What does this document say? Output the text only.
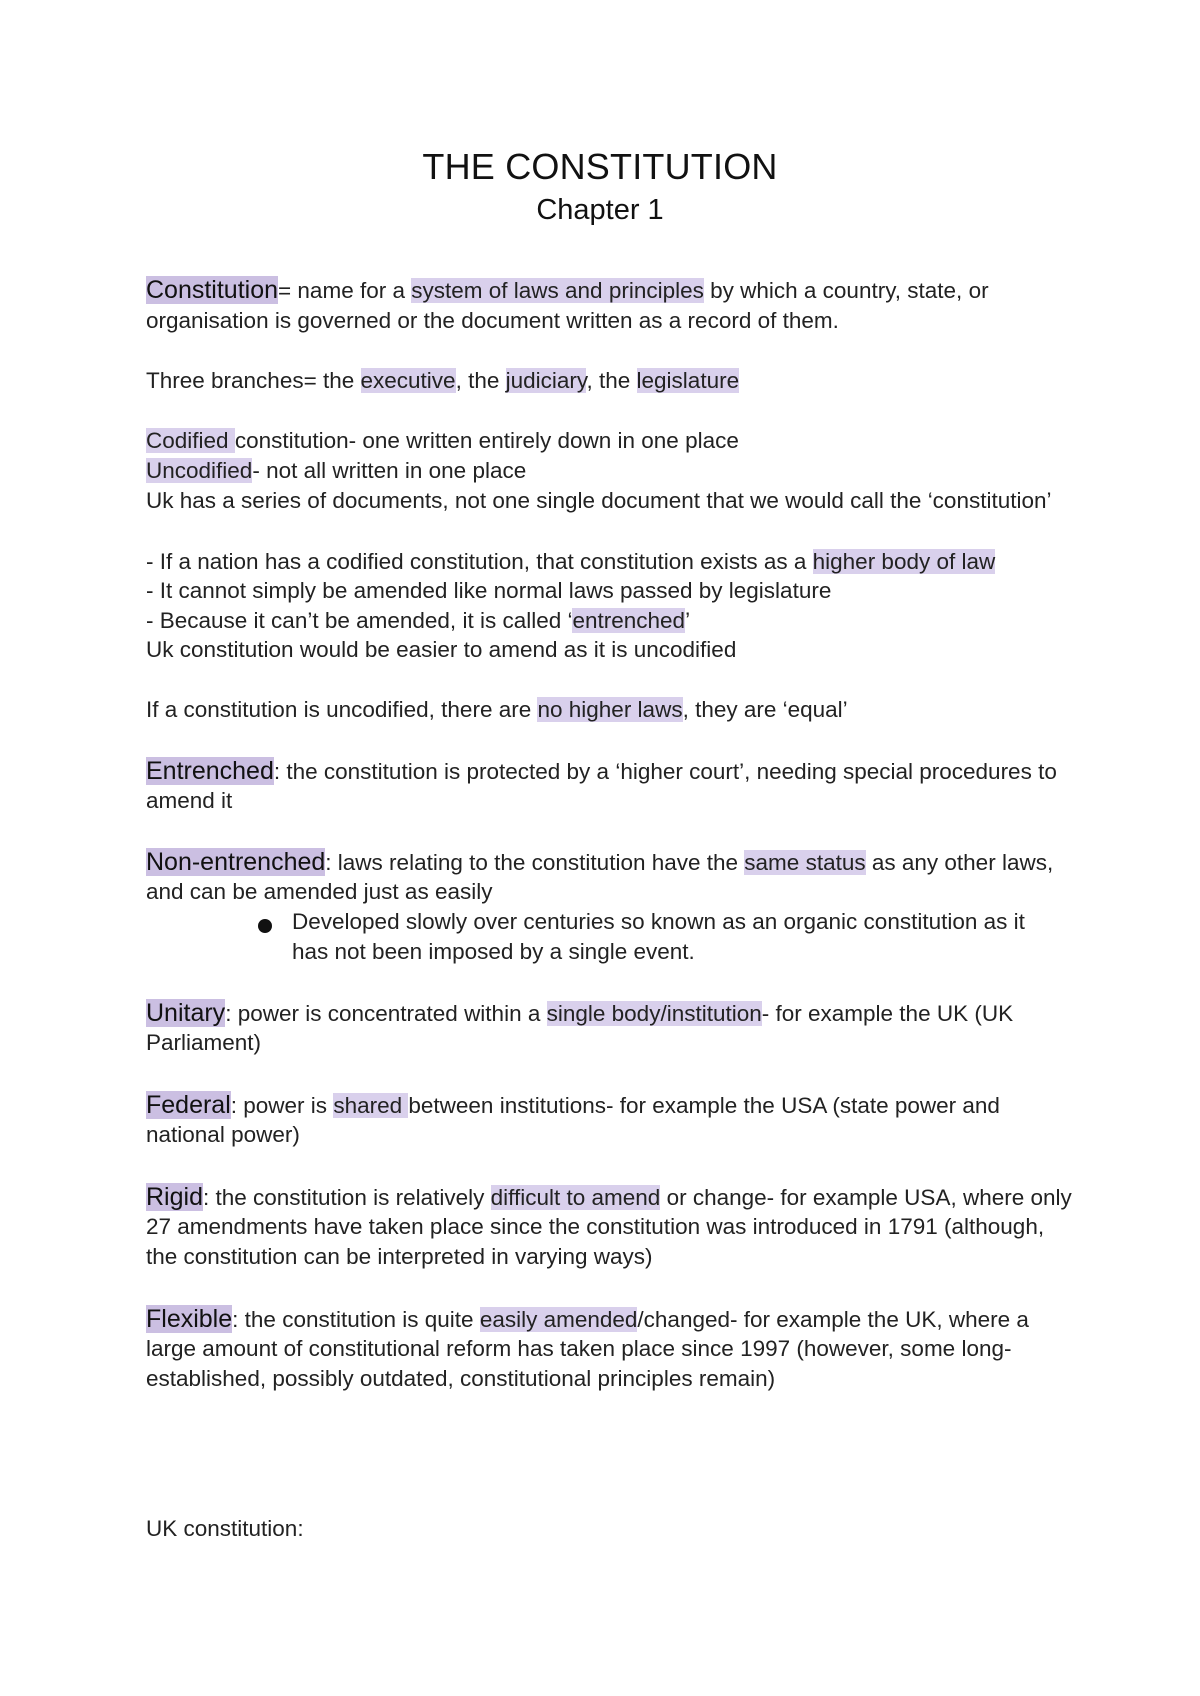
THE CONSTITUTION
Chapter 1
Constitution= name for a system of laws and principles by which a country, state, or
organisation is governed or the document written as a record of them.
Three branches= the executive, the judiciary, the legislature
Codified constitution- one written entirely down in one place
Uncodified- not all written in one place
Uk has a series of documents, not one single document that we would call the ‘constitution’
- If a nation has a codified constitution, that constitution exists as a higher body of law
- It cannot simply be amended like normal laws passed by legislature
- Because it can’t be amended, it is called ‘entrenched’
Uk constitution would be easier to amend as it is uncodified
If a constitution is uncodified, there are no higher laws, they are ‘equal’
Entrenched: the constitution is protected by a ‘higher court’, needing special procedures to
amend it
Non-entrenched: laws relating to the constitution have the same status as any other laws,
and can be amended just as easily
Developed slowly over centuries so known as an organic constitution as it
has not been imposed by a single event.
Unitary: power is concentrated within a single body/institution- for example the UK (UK
Parliament)
Federal: power is shared between institutions- for example the USA (state power and
national power)
Rigid: the constitution is relatively difficult to amend or change- for example USA, where only
27 amendments have taken place since the constitution was introduced in 1791 (although,
the constitution can be interpreted in varying ways)
Flexible: the constitution is quite easily amended/changed- for example the UK, where a
large amount of constitutional reform has taken place since 1997 (however, some long-
established, possibly outdated, constitutional principles remain)
UK constitution:
